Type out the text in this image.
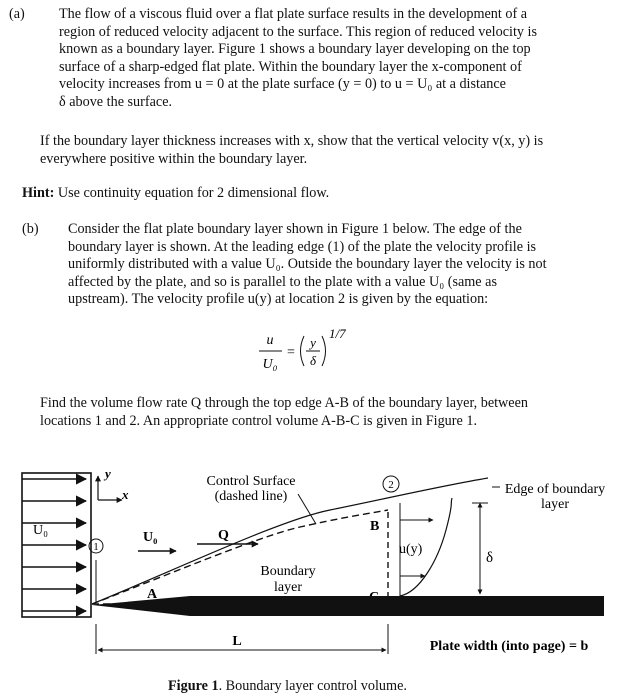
(a) The flow of a viscous fluid over a flat plate surface results in the development of a
region of reduced velocity adjacent to the surface. This region of reduced velocity is
known as a boundary layer. Figure 1 shows a boundary layer developing on the top
surface of a sharp-edged flat plate. Within the boundary layer the x-component of
velocity increases from u = 0 at the plate surface (y = 0) to u = U₀ at a distance
δ above the surface.
If the boundary layer thickness increases with x, show that the vertical velocity v(x, y) is
everywhere positive within the boundary layer.
Hint: Use continuity equation for 2 dimensional flow.
(b) Consider the flat plate boundary layer shown in Figure 1 below. The edge of the
boundary layer is shown. At the leading edge (1) of the plate the velocity profile is
uniformly distributed with a value U₀. Outside the boundary layer the velocity is not
affected by the plate, and so is parallel to the plate with a value U₀ (same as
upstream). The velocity profile u(y) at location 2 is given by the equation:
u
U₀
=
y
δ
1/7
Find the volume flow rate Q through the top edge A-B of the boundary layer, between
locations 1 and 2. An appropriate control volume A-B-C is given in Figure 1.
U₀
y
x
1
U₀	Q
Control Surface
(dashed line)
A
B
2
Boundary
layer
u(y)
δ
Edge of boundary
layer
L	Plate width (into page) = b
Figure 1. Boundary layer control volume.
